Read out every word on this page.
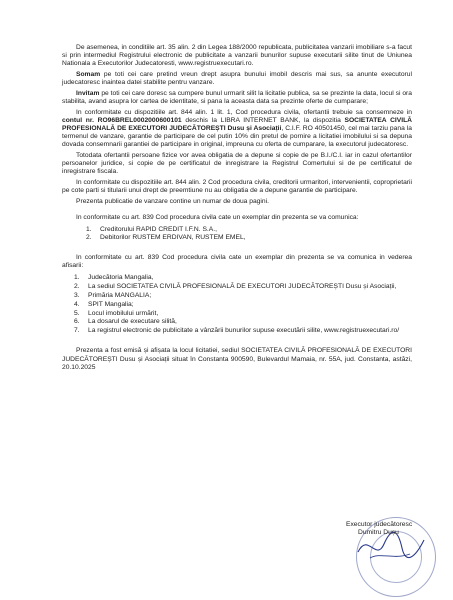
De asemenea, in conditiile art. 35 alin. 2 din Legea 188/2000 republicata, publicitatea vanzarii imobiliare s-a facut si prin intermediul Registrului electronic de publicitate a vanzarii bunurilor supuse executarii silite tinut de Uniunea Nationala a Executorilor Judecatoresti, www.registruexecutari.ro.

Somam pe toti cei care pretind vreun drept asupra bunului imobil descris mai sus, sa anunte executorul judecatoresc inaintea datei stabilite pentru vanzare.

Invitam pe toti cei care doresc sa cumpere bunul urmarit silit la licitatie publica, sa se prezinte la data, locul si ora stabilita, avand asupra lor cartea de identitate, si pana la aceasta data sa prezinte oferte de cumparare;

In conformitate cu dispozitiile art. 844 alin. 1 lit. 1, Cod procedura civila, ofertantii trebuie sa consemneze in contul nr. RO96BREL0002000600101 deschis la LIBRA INTERNET BANK, la dispozitia SOCIETATEA CIVILĂ PROFESIONALĂ DE EXECUTORI JUDECĂTOREȘTI Dusu și Asociații, C.I.F. RO 40501450, cel mai tarziu pana la termenul de vanzare, garantie de participare de cel putin 10% din pretul de pornire a licitatiei imobilului si sa depuna dovada consemnarii garantiei de participare in original, impreuna cu oferta de cumparare, la executorul judecatoresc.

Totodata ofertantii persoane fizice vor avea obligatia de a depune si copie de pe B.I./C.I. iar in cazul ofertantilor persoanelor juridice, si copie de pe certificatul de inregistrare la Registrul Comertului si de pe certificatul de inregistrare fiscala.

In conformitate cu dispozitiile art. 844 alin. 2 Cod procedura civila, creditorii urmaritori, intervenientii, coproprietarii pe cote parti si titularii unui drept de preemtiune nu au obligatia de a depune garantie de participare.

Prezenta publicatie de vanzare contine un numar de doua pagini.

In conformitate cu art. 839 Cod procedura civila cate un exemplar din prezenta se va comunica:

1.	Creditorului RAPID CREDIT I.F.N. S.A.,
2.	Debitorilor RUSTEM ERDIVAN, RUSTEM EMEL,

In conformitate cu art. 839 Cod procedura civila cate un exemplar din prezenta se va comunica in vederea afisarii:

1.	Judecătoria Mangalia,
2.	La sediul SOCIETATEA CIVILĂ PROFESIONALĂ DE EXECUTORI JUDECĂTOREȘTI Dusu și Asociații,
3.	Primăria MANGALIA;
4.	SPIT Mangalia;
5.	Locul imobilului urmărit,
6.	La dosarul de executare silită,
7.	La registrul electronic de publicitate a vânzării bunurilor supuse executării silite, www.registruexecutari.ro/

Prezenta a fost emisă și afișata la locul licitatiei, sediul SOCIETATEA CIVILĂ PROFESIONALĂ DE EXECUTORI JUDECĂTOREȘTI Dusu și Asociații situat în Constanta 900590, Bulevardul Mamaia, nr. 55A, jud. Constanta, astăzi, 20.10.2025

Executor judecătoresc
Dumitru Dușu
